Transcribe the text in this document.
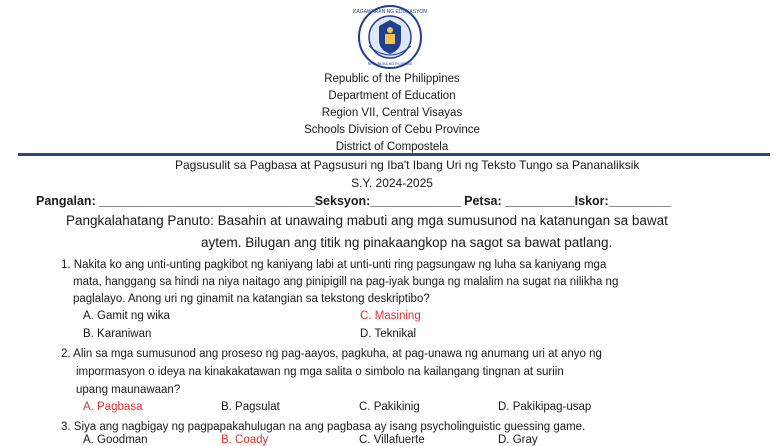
KAGAWARAN NG EDUKASYON
REPUBLIKA NG PILIPINAS
Republic of the Philippines
Department of Education
Region VII, Central Visayas
Schools Division of Cebu Province
District of Compostela
Pagsusulit sa Pagbasa at Pagsusuri ng Iba't Ibang Uri ng Teksto Tungo sa Pananaliksik
S.Y. 2024-2025
Pangalan: _______________________________Seksyon:_____________ Petsa: __________Iskor:_________
Pangkalahatang Panuto: Basahin at unawaing mabuti ang mga sumusunod na katanungan sa bawat
aytem. Bilugan ang titik ng pinakaangkop na sagot sa bawat patlang.
1. Nakita ko ang unti-unting pagkibot ng kaniyang labi at unti-unti ring pagsungaw ng luha sa kaniyang mga
mata, hanggang sa hindi na niya naitago ang pinipigill na pag-iyak bunga ng malalim na sugat na nilikha ng
paglalayo. Anong uri ng ginamit na katangian sa tekstong deskriptibo?
A. Gamit ng wika	C. Masining
B. Karaniwan	D. Teknikal
2. Alin sa mga sumusunod ang proseso ng pag-aayos, pagkuha, at pag-unawa ng anumang uri at anyo ng
impormasyon o ideya na kinakakatawan ng mga salita o simbolo na kailangang tingnan at suriin
upang maunawaan?
A. Pagbasa	B. Pagsulat	C. Pakikinig	D. Pakikipag-usap
3. Siya ang nagbigay ng pagpapakahulugan na ang pagbasa ay isang psycholinguistic guessing game.
A. Goodman	B. Coady	C. Villafuerte	D. Gray
